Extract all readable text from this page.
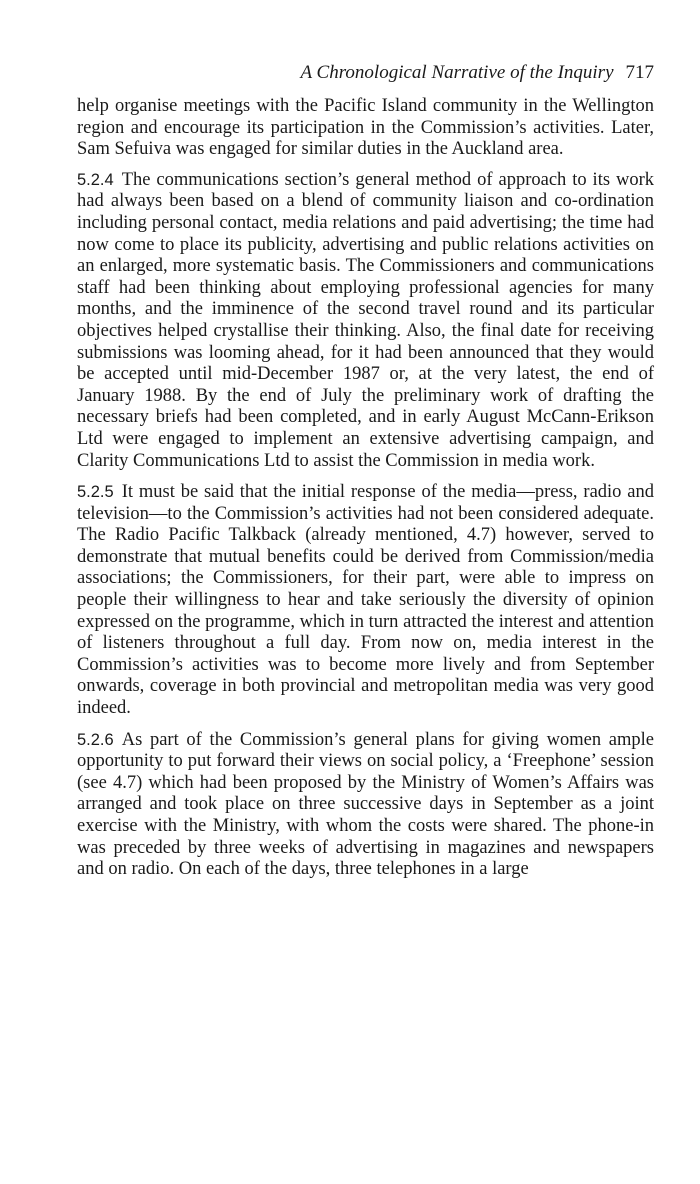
A Chronological Narrative of the Inquiry 717

help organise meetings with the Pacific Island community in the Wellington region and encourage its participation in the Commission’s activities. Later, Sam Sefuiva was engaged for similar duties in the Auckland area.

5.2.4 The communications section’s general method of approach to its work had always been based on a blend of community liaison and co-ordination including personal contact, media relations and paid advertising; the time had now come to place its publicity, advertising and public relations activities on an enlarged, more systematic basis. The Commissioners and communications staff had been thinking about employing professional agencies for many months, and the imminence of the second travel round and its particular objectives helped crystallise their thinking. Also, the final date for receiving submissions was looming ahead, for it had been announced that they would be accepted until mid-December 1987 or, at the very latest, the end of January 1988. By the end of July the preliminary work of drafting the necessary briefs had been completed, and in early August McCann-Erikson Ltd were engaged to implement an extensive advertising campaign, and Clarity Communications Ltd to assist the Commission in media work.

5.2.5 It must be said that the initial response of the media—press, radio and television—to the Commission’s activities had not been considered adequate. The Radio Pacific Talkback (already mentioned, 4.7) however, served to demonstrate that mutual benefits could be derived from Commission/media associations; the Commissioners, for their part, were able to impress on people their willingness to hear and take seriously the diversity of opinion expressed on the programme, which in turn attracted the interest and attention of listeners throughout a full day. From now on, media interest in the Commission’s activities was to become more lively and from September onwards, coverage in both provincial and metropolitan media was very good indeed.

5.2.6 As part of the Commission’s general plans for giving women ample opportunity to put forward their views on social policy, a ‘Freephone’ session (see 4.7) which had been proposed by the Ministry of Women’s Affairs was arranged and took place on three successive days in September as a joint exercise with the Ministry, with whom the costs were shared. The phone-in was preceded by three weeks of advertising in magazines and newspapers and on radio. On each of the days, three telephones in a large
